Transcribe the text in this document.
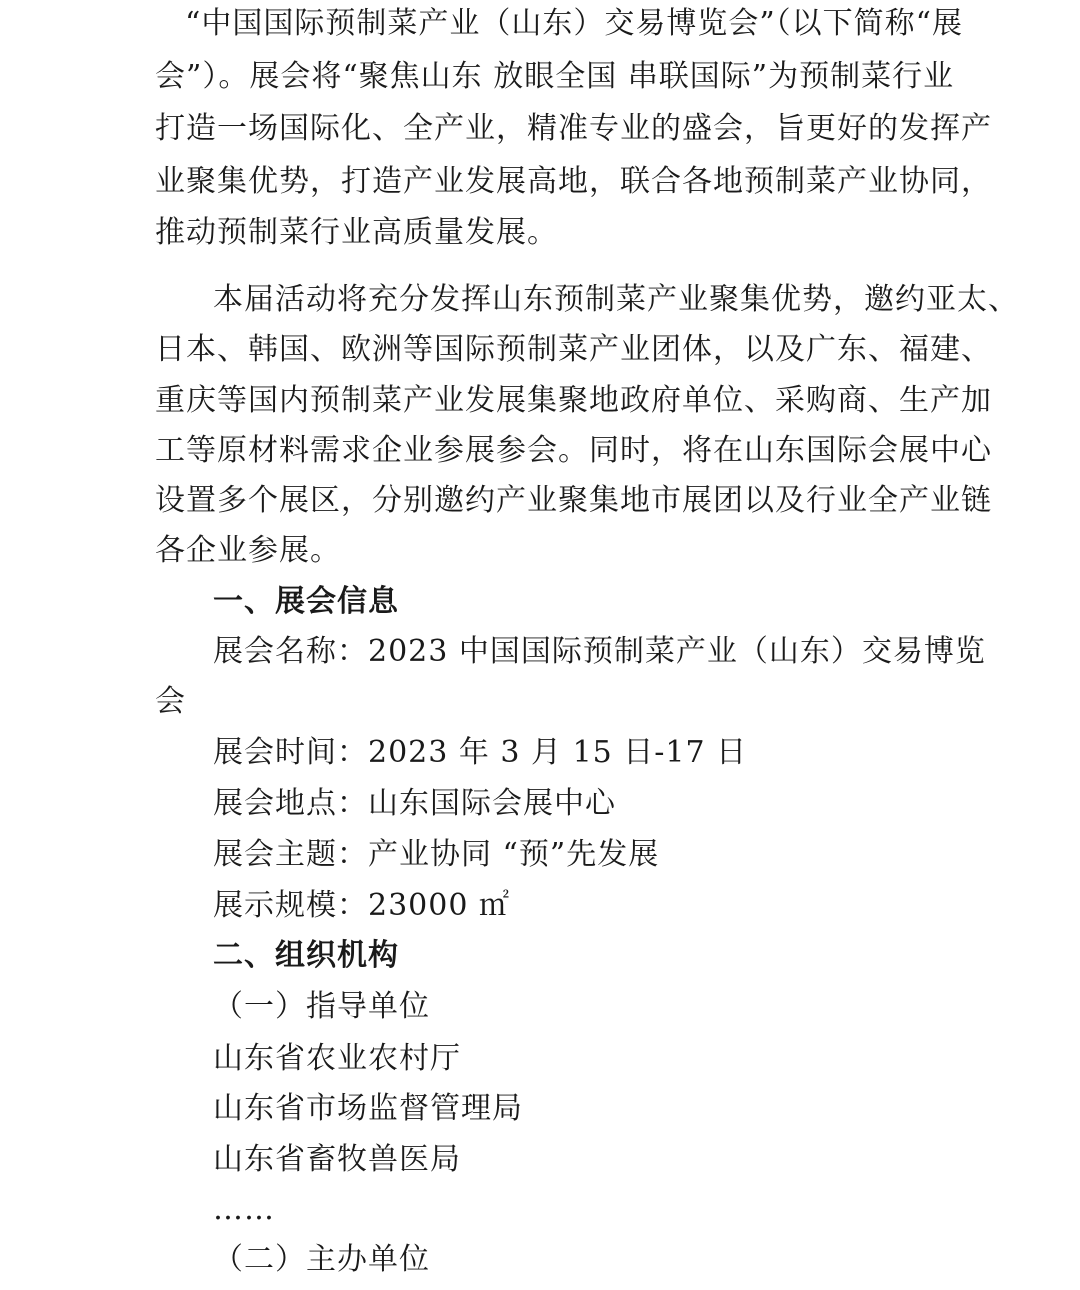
“中国国际预制菜产业（山东）交易博览会”（以下简称“展
会”）。展会将“聚焦山东 放眼全国 串联国际”为预制菜行业
打造一场国际化、全产业，精准专业的盛会，旨更好的发挥产
业聚集优势，打造产业发展高地，联合各地预制菜产业协同，
推动预制菜行业高质量发展。
本届活动将充分发挥山东预制菜产业聚集优势，邀约亚太、
日本、韩国、欧洲等国际预制菜产业团体，以及广东、福建、
重庆等国内预制菜产业发展集聚地政府单位、采购商、生产加
工等原材料需求企业参展参会。同时，将在山东国际会展中心
设置多个展区，分别邀约产业聚集地市展团以及行业全产业链
各企业参展。
一、展会信息
展会名称：2023 中国国际预制菜产业（山东）交易博览
会
展会时间：2023 年 3 月 15 日-17 日
展会地点：山东国际会展中心
展会主题：产业协同 “预”先发展
展示规模：23000 ㎡
二、组织机构
（一）指导单位
山东省农业农村厅
山东省市场监督管理局
山东省畜牧兽医局
……
（二）主办单位
